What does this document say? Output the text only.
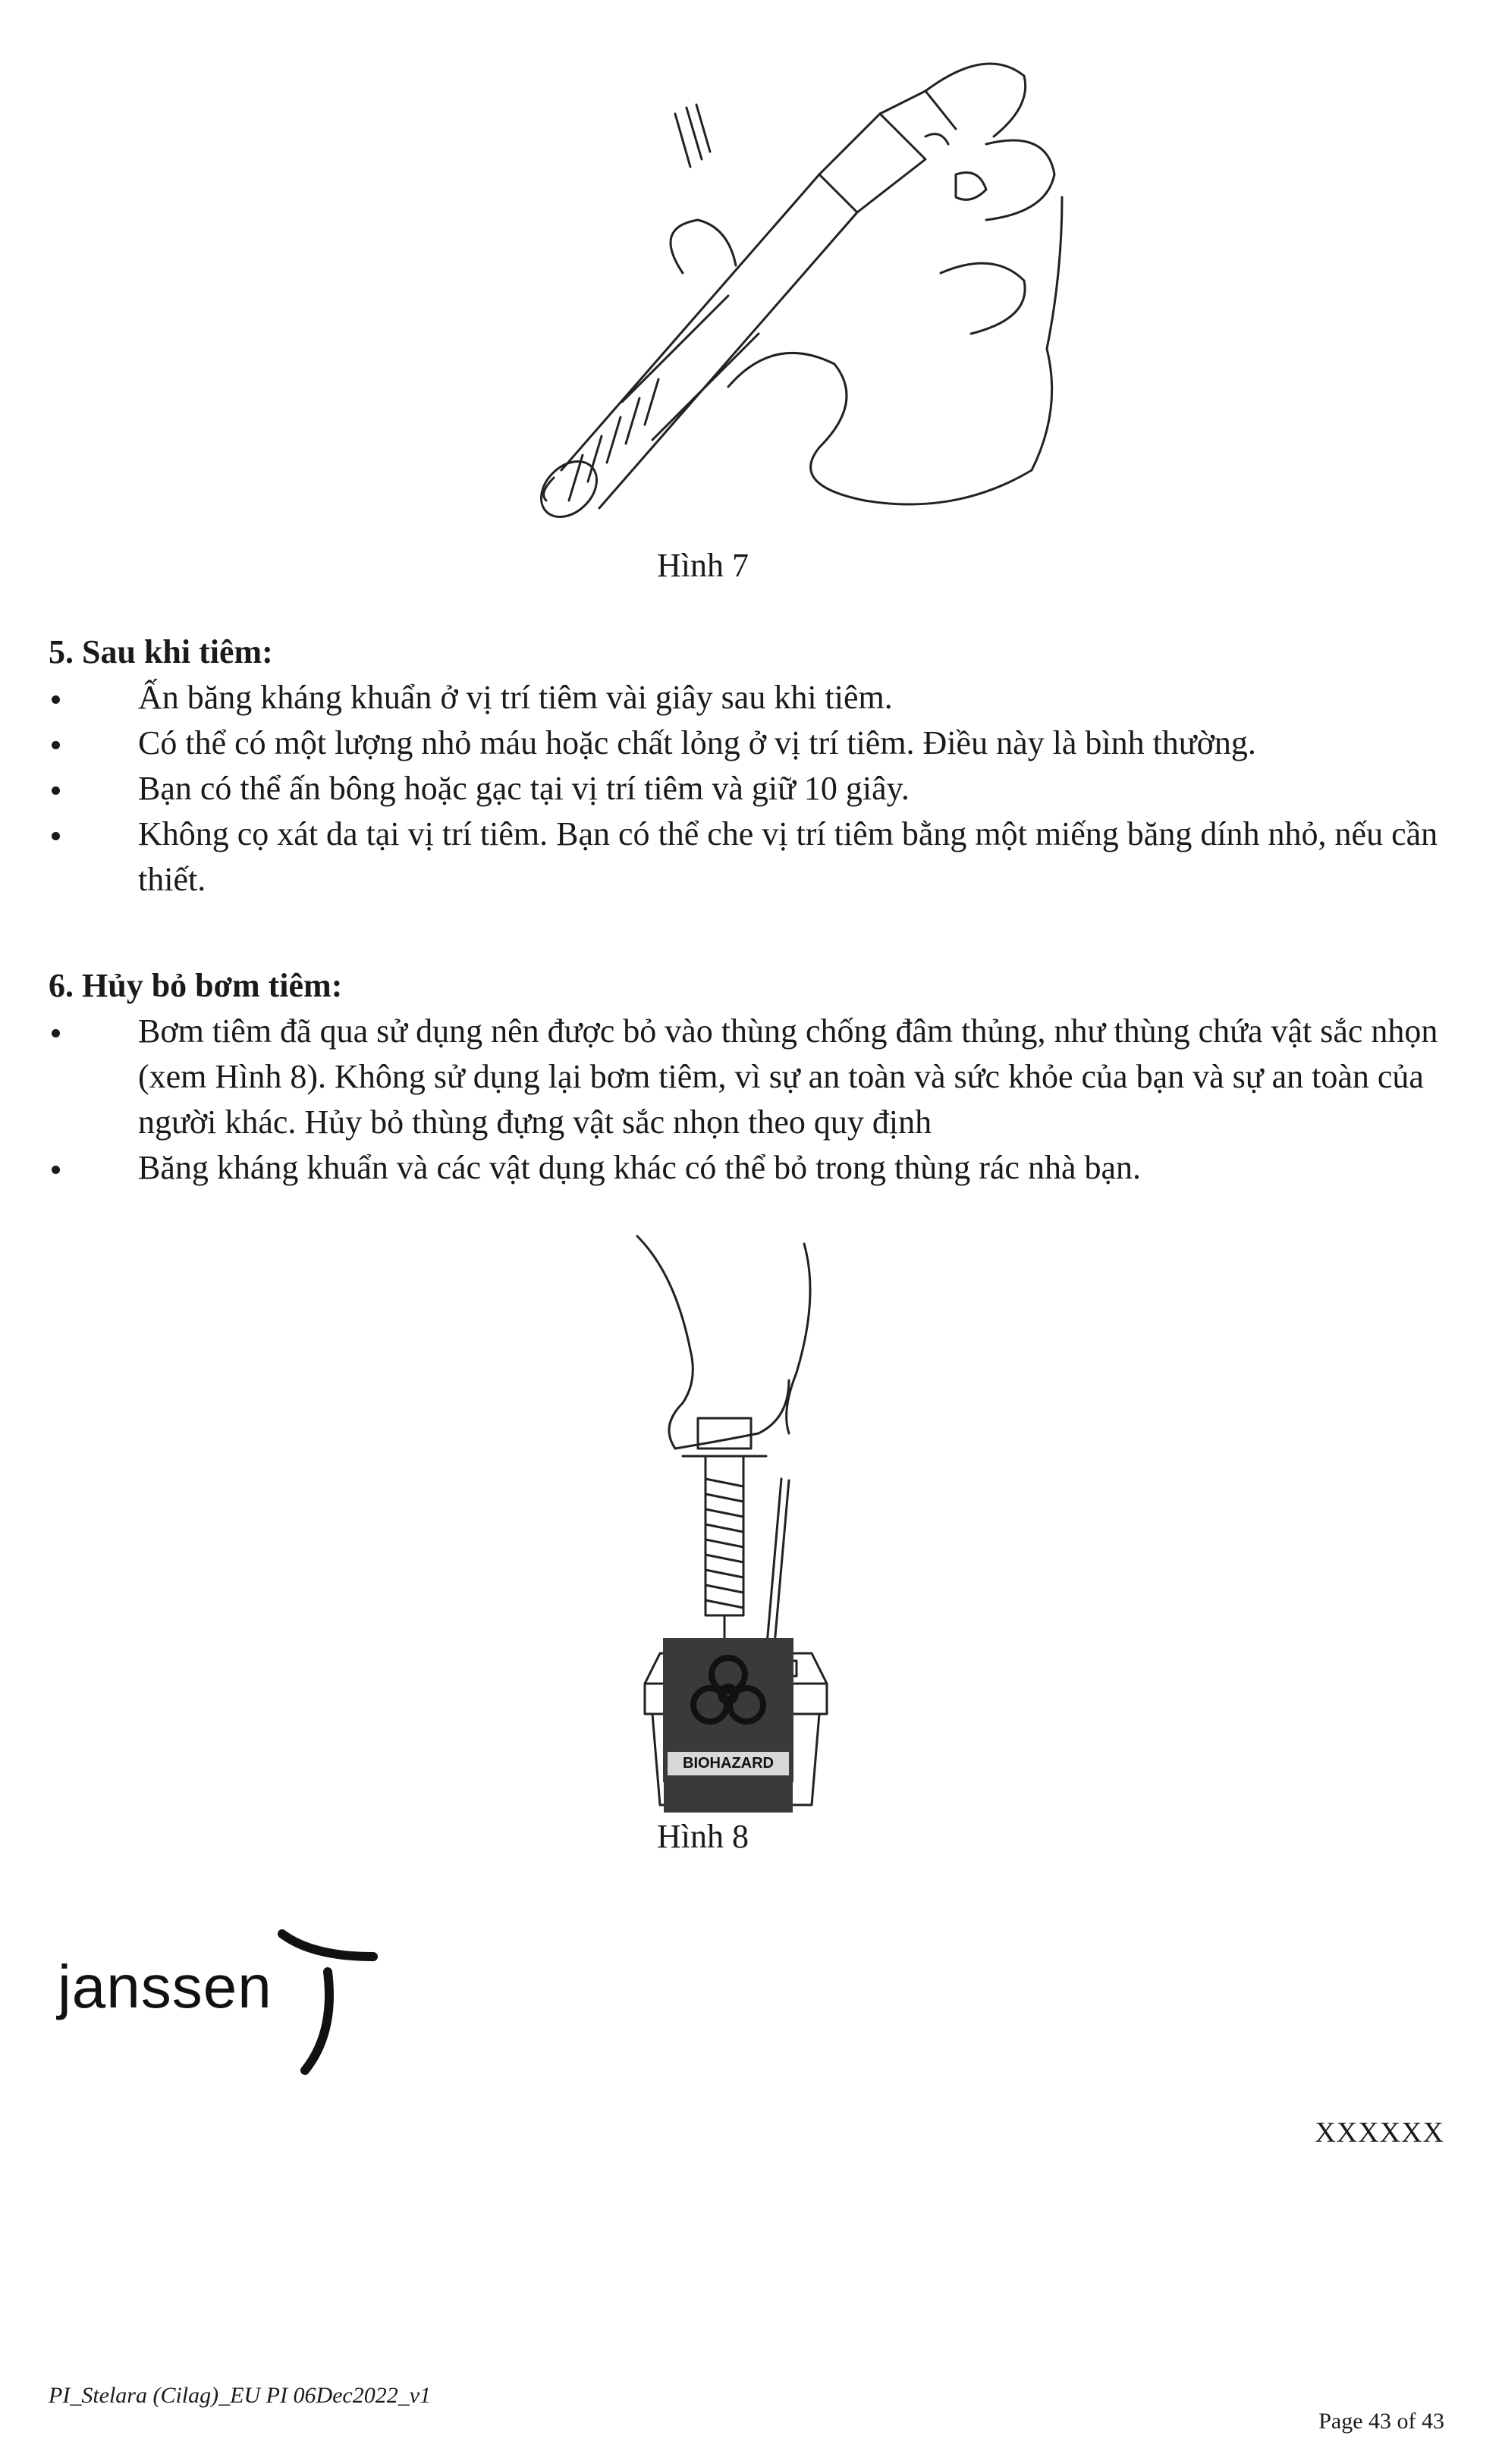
Hình 7
5. Sau khi tiêm:
Ấn băng kháng khuẩn ở vị trí tiêm vài giây sau khi tiêm.
Có thể có một lượng nhỏ máu hoặc chất lỏng ở vị trí tiêm. Điều này là bình thường.
Bạn có thể ấn bông hoặc gạc tại vị trí tiêm và giữ 10 giây.
Không cọ xát da tại vị trí tiêm. Bạn có thể che vị trí tiêm bằng một miếng băng dính nhỏ, nếu cần thiết.
6. Hủy bỏ bơm tiêm:
Bơm tiêm đã qua sử dụng nên được bỏ vào thùng chống đâm thủng, như thùng chứa vật sắc nhọn (xem Hình 8). Không sử dụng lại bơm tiêm, vì sự an toàn và sức khỏe của bạn và sự an toàn của người khác. Hủy bỏ thùng đựng vật sắc nhọn theo quy định
Băng kháng khuẩn và các vật dụng khác có thể bỏ trong thùng rác nhà bạn.
BIOHAZARD
Hình 8
janssen
XXXXXX
PI_Stelara (Cilag)_EU PI 06Dec2022_v1
Page 43 of 43
